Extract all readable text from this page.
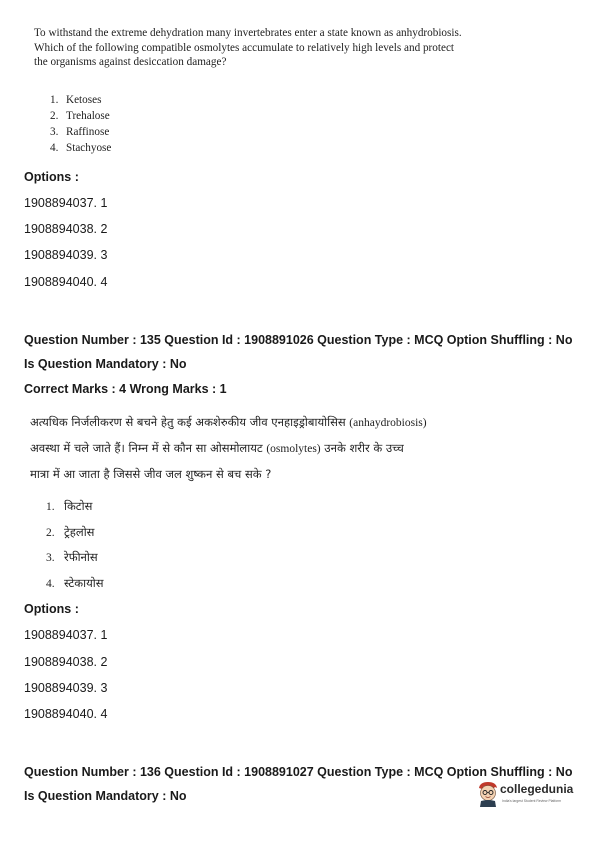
To withstand the extreme dehydration many invertebrates enter a state known as anhydrobiosis.
Which of the following compatible osmolytes accumulate to relatively high levels and protect
the organisms against desiccation damage?
1. Ketoses
2. Trehalose
3. Raffinose
4. Stachyose
Options :
1908894037. 1
1908894038. 2
1908894039. 3
1908894040. 4
Question Number : 135 Question Id : 1908891026 Question Type : MCQ Option Shuffling : No
Is Question Mandatory : No
Correct Marks : 4 Wrong Marks : 1
अत्यधिक निर्जलीकरण से बचने हेतु कई अकशेरुकीय जीव एनहाइड्रोबायोसिस (anhaydrobiosis)
अवस्था में चले जाते हैं। निम्न में से कौन सा ओसमोलायट (osmolytes) उनके शरीर के उच्च
मात्रा में आ जाता है जिससे जीव जल शुष्कन से बच सके ?
1. किटोस
2. ट्रेहलोस
3. रेफीनोस
4. स्टेकायोस
Options :
1908894037. 1
1908894038. 2
1908894039. 3
1908894040. 4
Question Number : 136 Question Id : 1908891027 Question Type : MCQ Option Shuffling : No
Is Question Mandatory : No	collegedunia
India's largest Student Review Platform
